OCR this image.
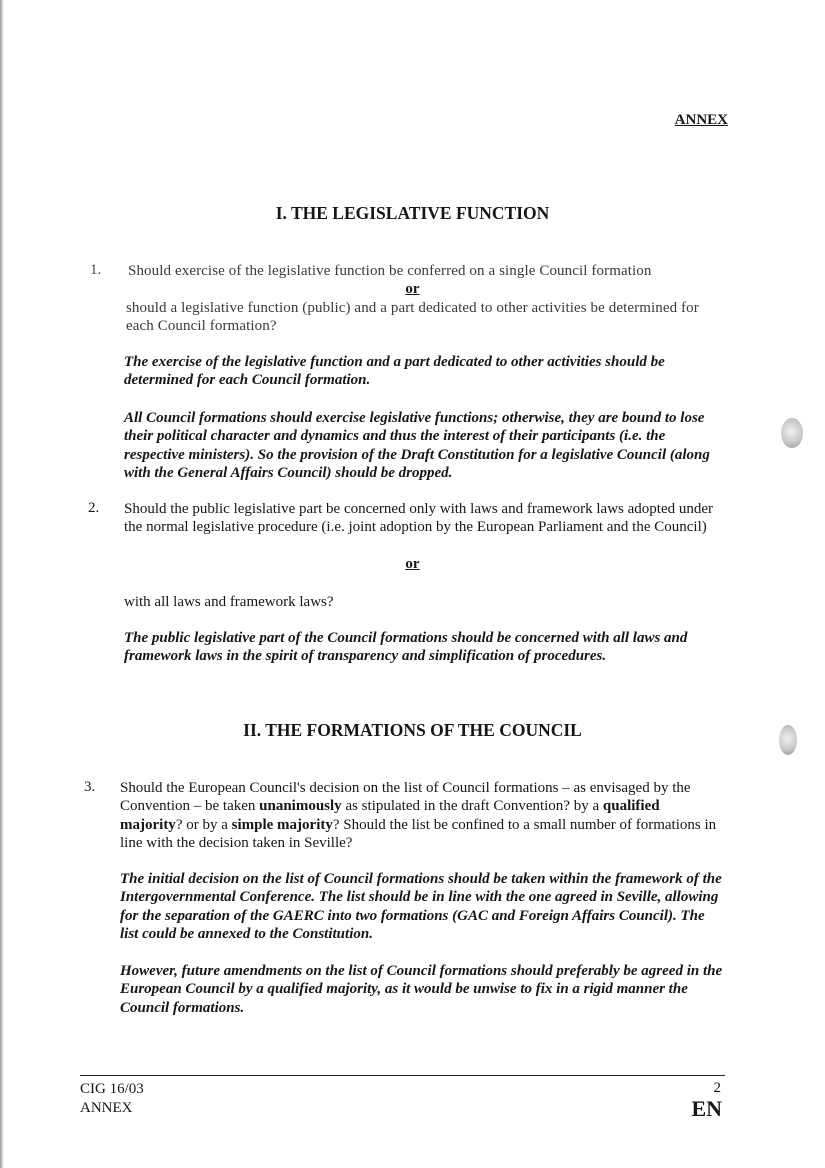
ANNEX
I. THE LEGISLATIVE FUNCTION
1. Should exercise of the legislative function be conferred on a single Council formation
or
should a legislative function (public) and a part dedicated to other activities be determined for each Council formation?
The exercise of the legislative function and a part dedicated to other activities should be determined for each Council formation.
All Council formations should exercise legislative functions; otherwise, they are bound to lose their political character and dynamics and thus the interest of their participants (i.e. the respective ministers). So the provision of the Draft Constitution for a legislative Council (along with the General Affairs Council) should be dropped.
2. Should the public legislative part be concerned only with laws and framework laws adopted under the normal legislative procedure (i.e. joint adoption by the European Parliament and the Council)
or
with all laws and framework laws?
The public legislative part of the Council formations should be concerned with all laws and framework laws in the spirit of transparency and simplification of procedures.
II. THE FORMATIONS OF THE COUNCIL
3. Should the European Council's decision on the list of Council formations – as envisaged by the Convention – be taken unanimously as stipulated in the draft Convention? by a qualified majority? or by a simple majority? Should the list be confined to a small number of formations in line with the decision taken in Seville?
The initial decision on the list of Council formations should be taken within the framework of the Intergovernmental Conference. The list should be in line with the one agreed in Seville, allowing for the separation of the GAERC into two formations (GAC and Foreign Affairs Council). The list could be annexed to the Constitution.
However, future amendments on the list of Council formations should preferably be agreed in the European Council by a qualified majority, as it would be unwise to fix in a rigid manner the Council formations.
CIG 16/03
ANNEX
2
EN
